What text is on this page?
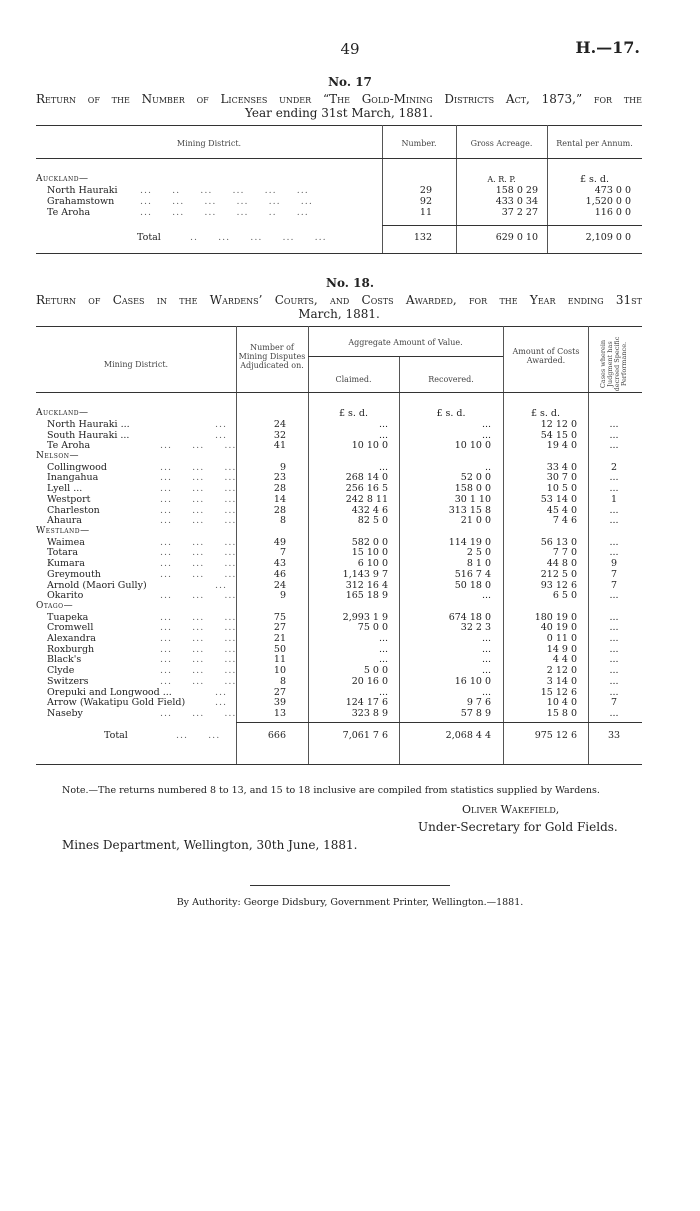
49	H.—17.
No. 17
Return of the Number of Licenses under “The Gold-Mining Districts Act, 1873,” for the
Year ending 31st March, 1881.
Mining District.	Number.	Gross Acreage.	Rental per Annum.
Auckland—	A. R. P.	£ s. d.
North Hauraki ...     ..     ...     ...     ...     ...	29	158 0 29	473 0 0
Grahamstown	...     ...     ...     ...     ...     ...	92	433 0 34	1,520 0 0
Te Aroha	...     ...     ...     ...     ..     ...	11	37 2 27	116 0 0
Total	..     ...     ...     ...     ...	132	629 0 10	2,109 0 0
No. 18.
Return of Cases in the Wardens’ Courts, and Costs Awarded, for the Year ending 31st
March, 1881.
Mining District.
Number of Mining Disputes Adjudicated on.
Aggregate Amount of Value.
Claimed.	Recovered.
Amount of Costs Awarded.	Cases wherein Judgment has decreed Specific Performance.
Auckland—	£ s. d.	£ s. d.	£ s. d.
North Hauraki ...	24	...	...	12 12 0	...
...
South Hauraki ...	32	...	...	54 15 0	...
...
Te Aroha	41	10 10 0	10 10 0	19 4 0	...
...     ...     ...
Nelson—
Collingwood	9	...	..	33 4 0	2
...     ...     ...
Inangahua	23	268 14 0	52 0 0	30 7 0	...
...     ...     ...
Lyell ...	28	256 16 5	158 0 0	10 5 0	...
...     ...     ...
Westport	14	242 8 11	30 1 10	53 14 0	1
...     ...     ...
Charleston	28	432 4 6	313 15 8	45 4 0	...
...     ...     ...
Ahaura	8	82 5 0	21 0 0	7 4 6	...
...     ...     ...
Westland—
Waimea	49	582 0 0	114 19 0	56 13 0	...
...     ...     ...
Totara	7	15 10 0	2 5 0	7 7 0	...
...     ...     ...
Kumara	43	6 10 0	8 1 0	44 8 0	9
...     ...     ...
Greymouth	46	1,143 9 7	516 7 4	212 5 0	7
...     ...     ...
Arnold (Maori Gully)	24	312 16 4	50 18 0	93 12 6	7
...
Okarito	9	165 18 9	...	6 5 0	...
...     ...     ...
Otago—
Tuapeka	75	2,993 1 9	674 18 0	180 19 0	...
...     ...     ...
Cromwell	27	75 0 0	32 2 3	40 19 0	...
...     ...     ...
Alexandra	21	...	...	0 11 0	...
...     ...     ...
Roxburgh	50	...	...	14 9 0	...
...     ...     ...
Black's	11	...	...	4 4 0	...
...     ...     ...
Clyde	10	5 0 0	...	2 12 0	...
...     ...     ...
Switzers	8	20 16 0	16 10 0	3 14 0	...
...     ...     ...
Orepuki and Longwood ...	27	...	...	15 12 6	...
...
Arrow (Wakatipu Gold Field)	39	124 17 6	9 7 6	10 4 0	7
...
Naseby	13	323 8 9	57 8 9	15 8 0	...
...     ...     ...
Total	...     ...	666	7,061 7 6	2,068 4 4	975 12 6	33
Note.—The returns numbered 8 to 13, and 15 to 18 inclusive are compiled from statistics supplied by Wardens.
Oliver Wakefield,
Under-Secretary for Gold Fields.
Mines Department, Wellington, 30th June, 1881.
By Authority: George Didsbury, Government Printer, Wellington.—1881.
